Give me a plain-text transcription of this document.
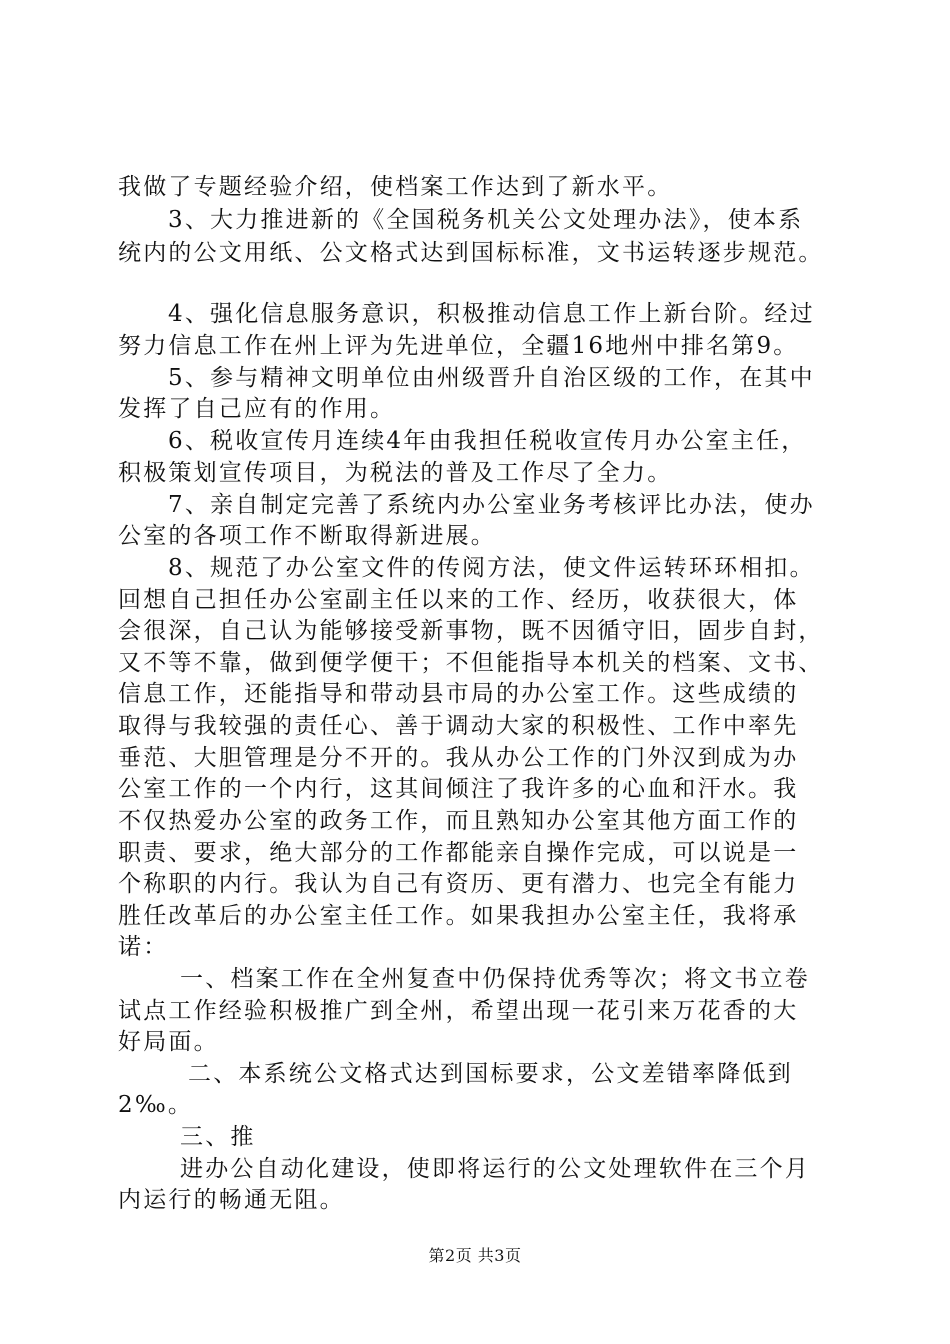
我做了专题经验介绍，使档案工作达到了新水平。
3、大力推进新的《全国税务机关公文处理办法》，使本系
统内的公文用纸、公文格式达到国标标准，文书运转逐步规范。
4、强化信息服务意识，积极推动信息工作上新台阶。经过
努力信息工作在州上评为先进单位，全疆16地州中排名第9。
5、参与精神文明单位由州级晋升自治区级的工作，在其中
发挥了自己应有的作用。
6、税收宣传月连续4年由我担任税收宣传月办公室主任，
积极策划宣传项目，为税法的普及工作尽了全力。
7、亲自制定完善了系统内办公室业务考核评比办法，使办
公室的各项工作不断取得新进展。
8、规范了办公室文件的传阅方法，使文件运转环环相扣。
回想自己担任办公室副主任以来的工作、经历，收获很大，体
会很深，自己认为能够接受新事物，既不因循守旧，固步自封，
又不等不靠，做到便学便干；不但能指导本机关的档案、文书、
信息工作，还能指导和带动县市局的办公室工作。这些成绩的
取得与我较强的责任心、善于调动大家的积极性、工作中率先
垂范、大胆管理是分不开的。我从办公工作的门外汉到成为办
公室工作的一个内行，这其间倾注了我许多的心血和汗水。我
不仅热爱办公室的政务工作，而且熟知办公室其他方面工作的
职责、要求，绝大部分的工作都能亲自操作完成，可以说是一
个称职的内行。我认为自己有资历、更有潜力、也完全有能力
胜任改革后的办公室主任工作。如果我担办公室主任，我将承
诺：
一、档案工作在全州复查中仍保持优秀等次；将文书立卷
试点工作经验积极推广到全州，希望出现一花引来万花香的大
好局面。
二、本系统公文格式达到国标要求，公文差错率降低到
2‰。
三、推
进办公自动化建设，使即将运行的公文处理软件在三个月
内运行的畅通无阻。
第2页 共3页
